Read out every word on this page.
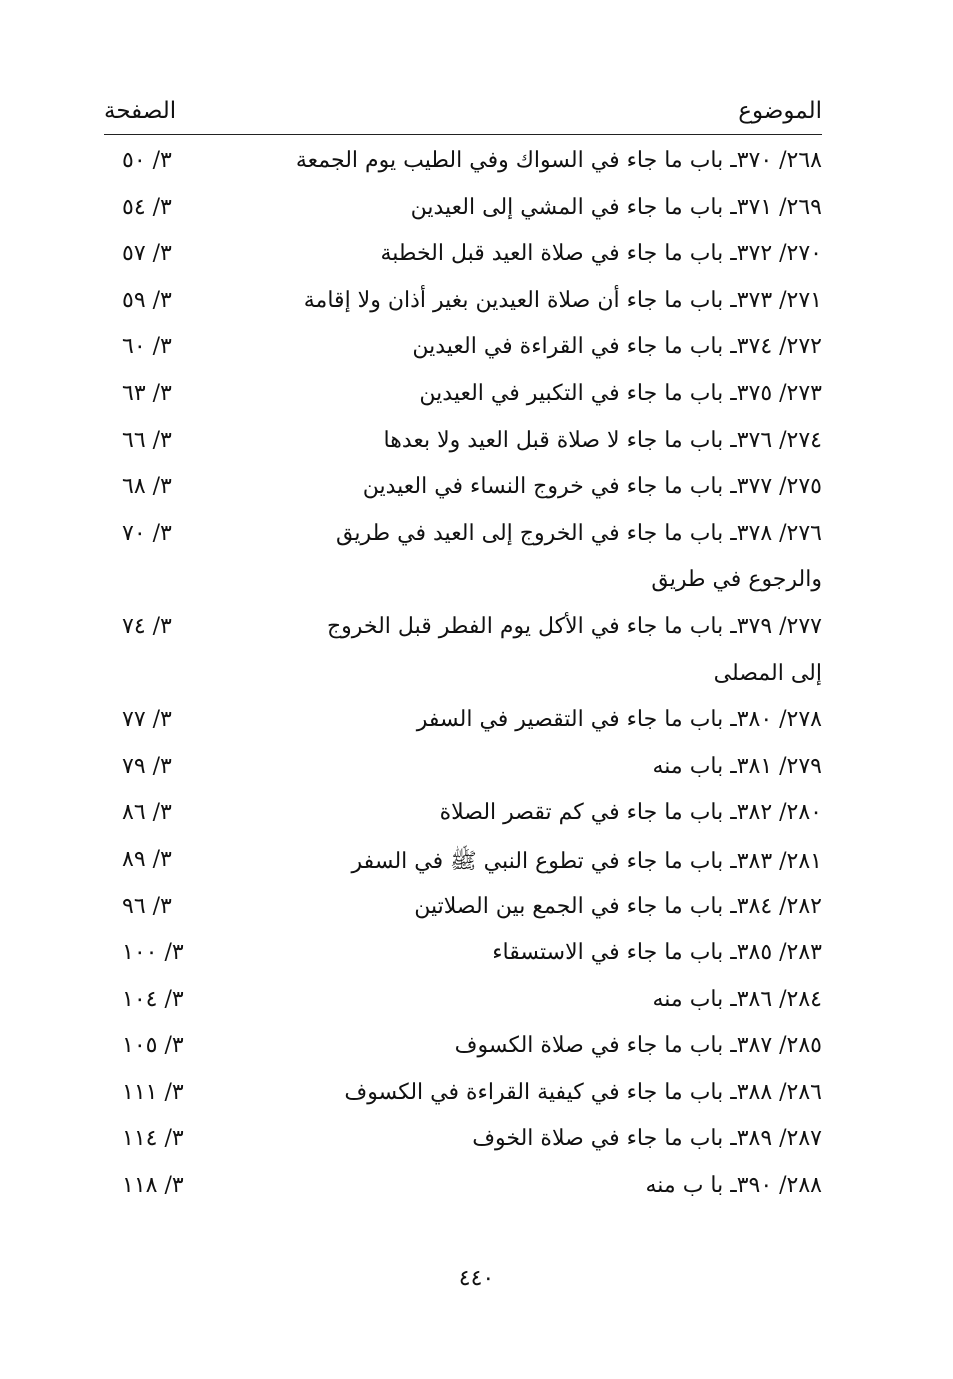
الموضوع
الصفحة
٢٦٨/ ٣٧٠ـ باب ما جاء في السواك وفي الطيب يوم الجمعة
٣/ ٥٠
٢٦٩/ ٣٧١ـ باب ما جاء في المشي إلى العيدين
٣/ ٥٤
٢٧٠/ ٣٧٢ـ باب ما جاء في صلاة العيد قبل الخطبة
٣/ ٥٧
٢٧١/ ٣٧٣ـ باب ما جاء أن صلاة العيدين بغير أذان ولا إقامة
٣/ ٥٩
٢٧٢/ ٣٧٤ـ باب ما جاء في القراءة في العيدين
٣/ ٦٠
٢٧٣/ ٣٧٥ـ باب ما جاء في التكبير في العيدين
٣/ ٦٣
٢٧٤/ ٣٧٦ـ باب ما جاء لا صلاة قبل العيد ولا بعدها
٣/ ٦٦
٢٧٥/ ٣٧٧ـ باب ما جاء في خروج النساء في العيدين
٣/ ٦٨
٢٧٦/ ٣٧٨ـ باب ما جاء في الخروج إلى العيد في طريق
٣/ ٧٠
والرجوع في طريق
٢٧٧/ ٣٧٩ـ باب ما جاء في الأكل يوم الفطر قبل الخروج
٣/ ٧٤
إلى المصلى
٢٧٨/ ٣٨٠ـ باب ما جاء في التقصير في السفر
٣/ ٧٧
٢٧٩/ ٣٨١ـ باب منه
٣/ ٧٩
٢٨٠/ ٣٨٢ـ باب ما جاء في كم تقصر الصلاة
٣/ ٨٦
٢٨١/ ٣٨٣ـ باب ما جاء في تطوع النبي ﷺ في السفر
٣/ ٨٩
٢٨٢/ ٣٨٤ـ باب ما جاء في الجمع بين الصلاتين
٣/ ٩٦
٢٨٣/ ٣٨٥ـ باب ما جاء في الاستسقاء
٣/ ١٠٠
٢٨٤/ ٣٨٦ـ باب منه
٣/ ١٠٤
٢٨٥/ ٣٨٧ـ باب ما جاء في صلاة الكسوف
٣/ ١٠٥
٢٨٦/ ٣٨٨ـ باب ما جاء في كيفية القراءة في الكسوف
٣/ ١١١
٢٨٧/ ٣٨٩ـ باب ما جاء في صلاة الخوف
٣/ ١١٤
٢٨٨/ ٣٩٠ـ با ب منه
٣/ ١١٨
٤٤٠
